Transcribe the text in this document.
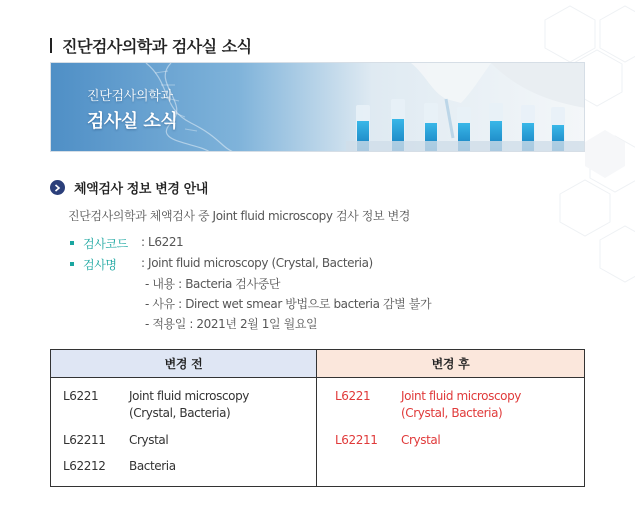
진단검사의학과 검사실 소식
진단검사의학과
검사실 소식
체액검사 정보 변경 안내
진단검사의학과 체액검사 중 Joint fluid microscopy 검사 정보 변경
검사코드	: L6221
검사명	: Joint fluid microscopy (Crystal, Bacteria)
- 내용 : Bacteria 검사중단
- 사유 : Direct wet smear 방법으로 bacteria 감별 불가
- 적용일 : 2021년 2월 1일 월요일
변경 전
L6221	Joint fluid microscopy
(Crystal, Bacteria)
L62211	Crystal
L62212	Bacteria
변경 후
L6221	Joint fluid microscopy
(Crystal, Bacteria)
L62211	Crystal
